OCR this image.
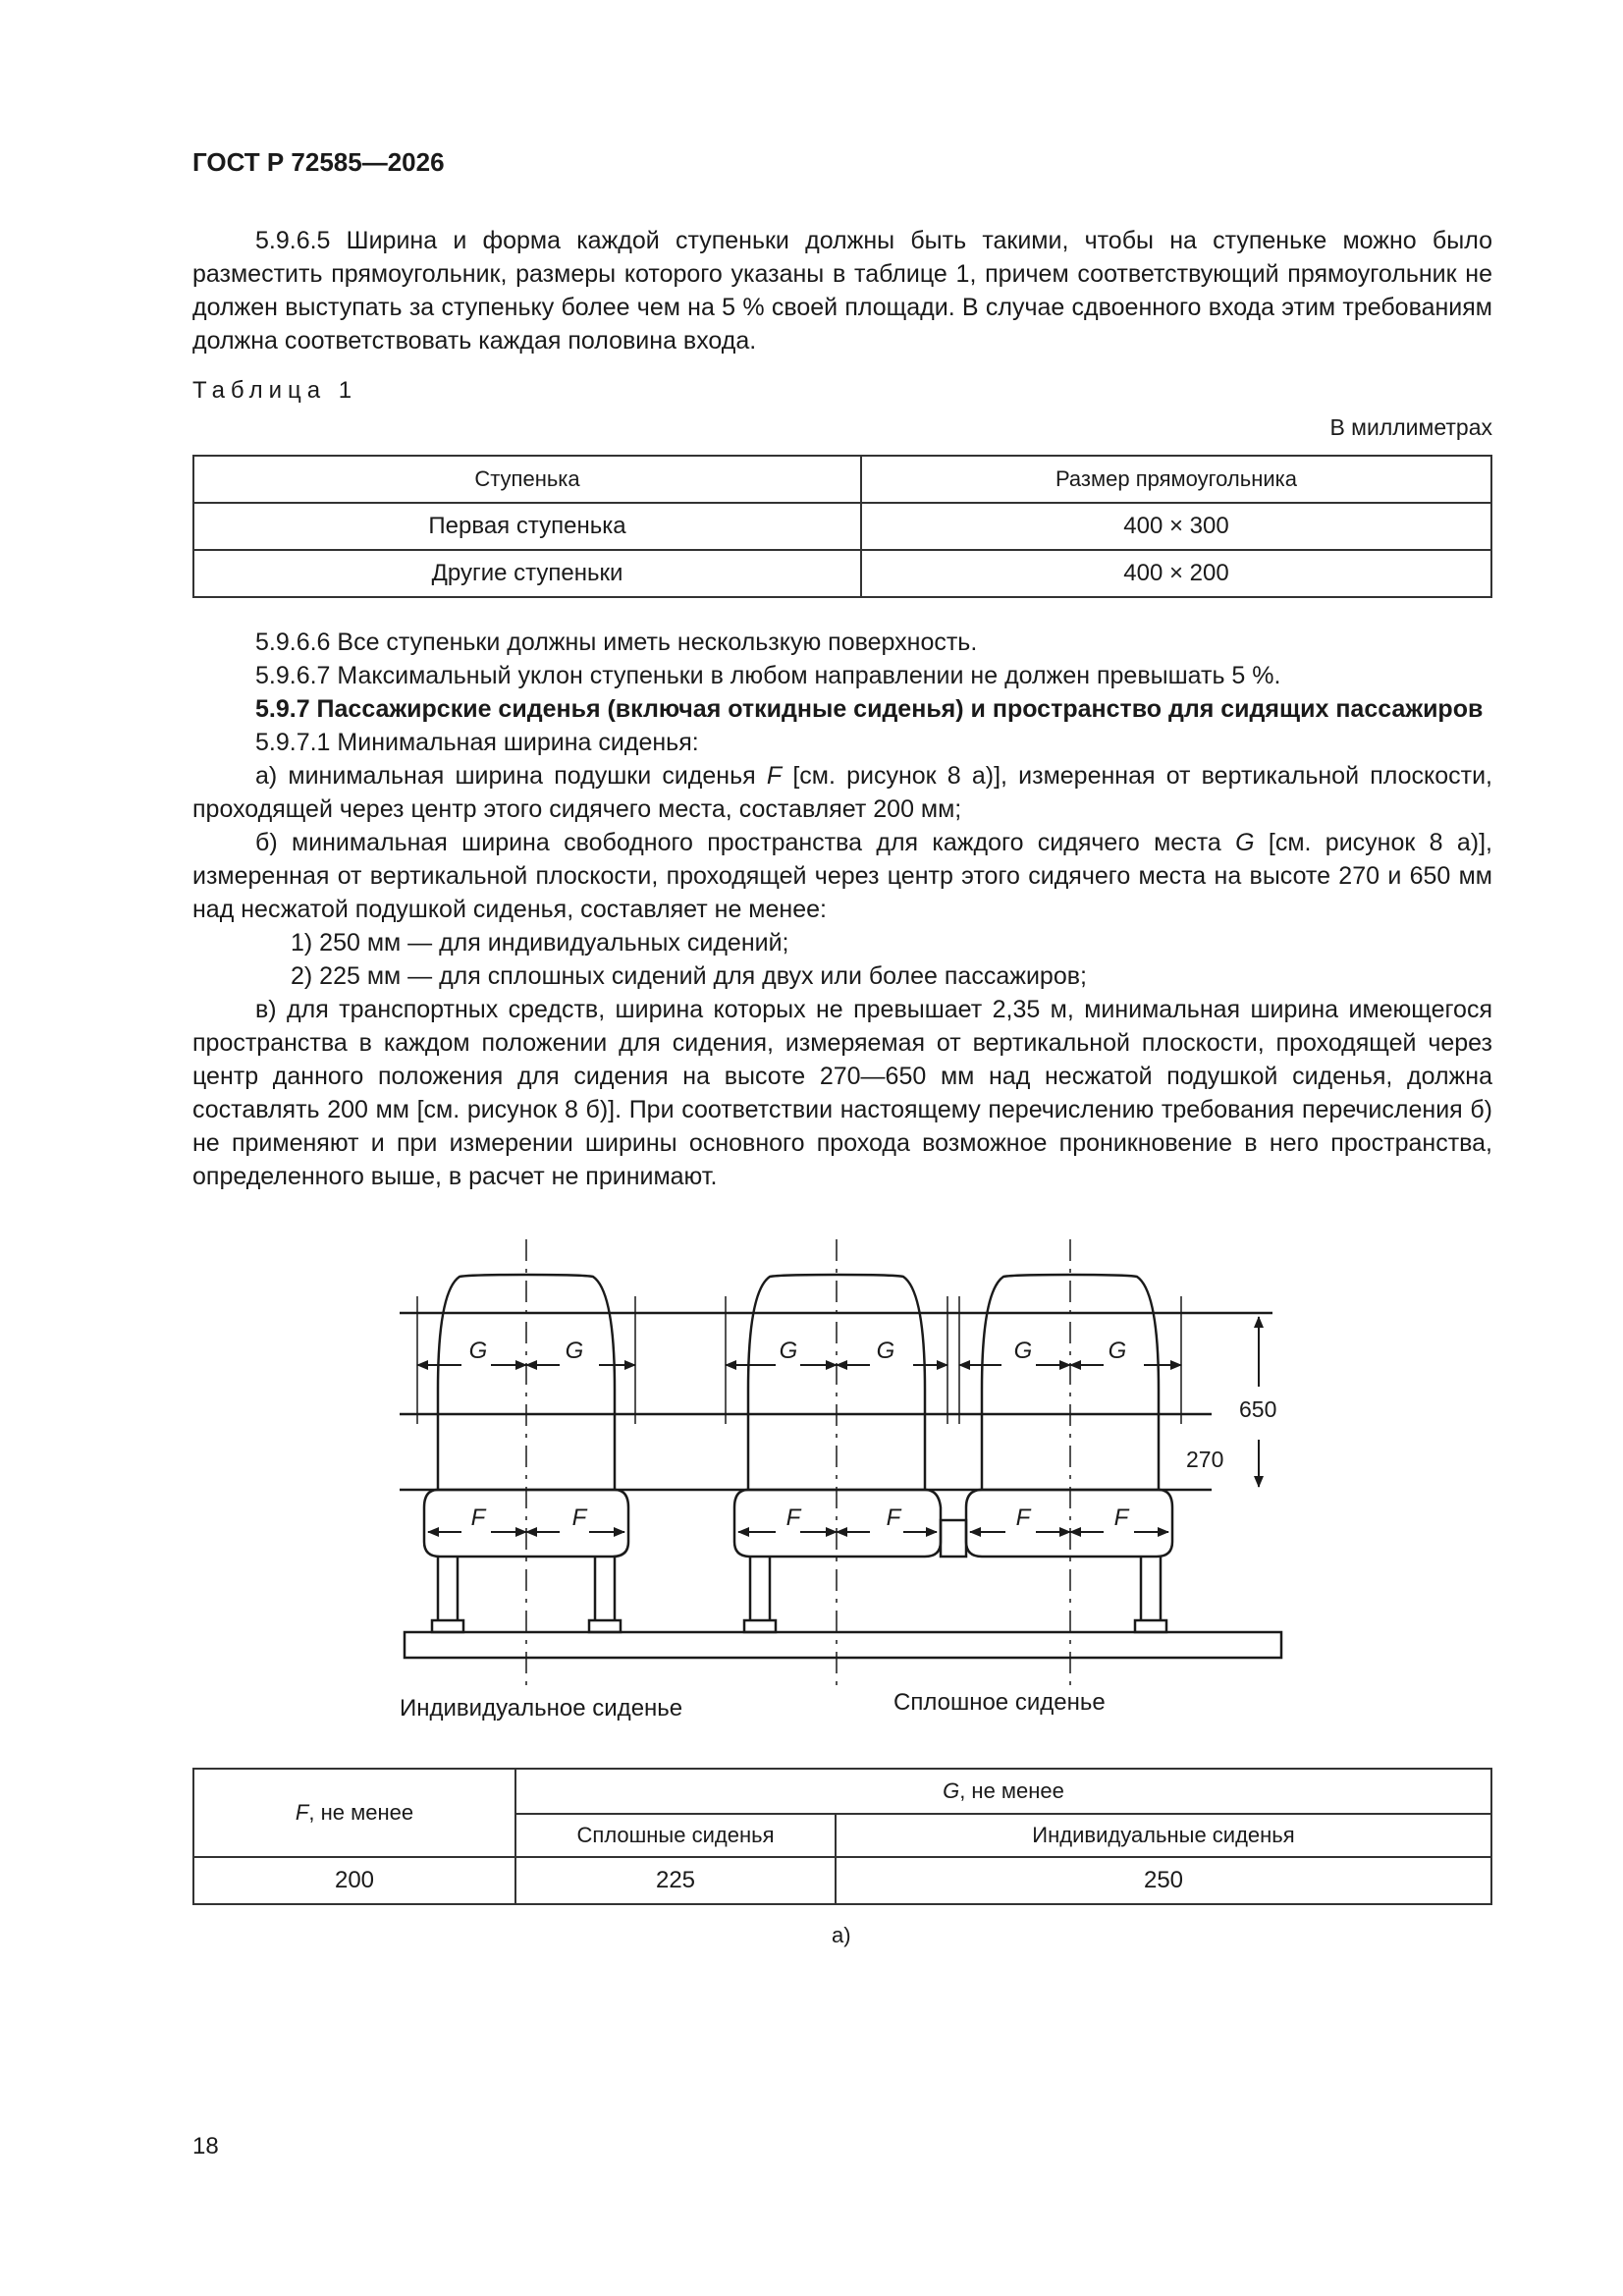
ГОСТ Р 72585—2026

5.9.6.5 Ширина и форма каждой ступеньки должны быть такими, чтобы на ступеньке можно было разместить прямоугольник, размеры которого указаны в таблице 1, причем соответствующий прямоугольник не должен выступать за ступеньку более чем на 5 % своей площади. В случае сдвоенного входа этим требованиям должна соответствовать каждая половина входа.

Таблица 1
В миллиметрах
Ступенька	Размер прямоугольника
Первая ступенька	400 × 300
Другие ступеньки	400 × 200

5.9.6.6 Все ступеньки должны иметь нескользкую поверхность.

5.9.6.7 Максимальный уклон ступеньки в любом направлении не должен превышать 5 %.

5.9.7 Пассажирские сиденья (включая откидные сиденья) и пространство для сидящих пассажиров

5.9.7.1 Минимальная ширина сиденья:

а) минимальная ширина подушки сиденья F [см. рисунок 8 а)], измеренная от вертикальной плоскости, проходящей через центр этого сидячего места, составляет 200 мм;

б) минимальная ширина свободного пространства для каждого сидячего места G [см. рисунок 8 а)], измеренная от вертикальной плоскости, проходящей через центр этого сидячего места на высоте 270 и 650 мм над несжатой подушкой сиденья, составляет не менее:

1) 250 мм — для индивидуальных сидений;

2) 225 мм — для сплошных сидений для двух или более пассажиров;

в) для транспортных средств, ширина которых не превышает 2,35 м, минимальная ширина имеющегося пространства в каждом положении для сидения, измеряемая от вертикальной плоскости, проходящей через центр данного положения для сидения на высоте 270—650 мм над несжатой подушкой сиденья, должна составлять 200 мм [см. рисунок 8 б)]. При соответствии настоящему перечислению требования перечисления б) не применяют и при измерении ширины основного прохода возможное проникновение в него пространства, определенного выше, в расчет не принимают.

G	G	G	G	G	G
F	F	F	F	F	F
650
270
Индивидуальное сиденье	Сплошное сиденье
F, не менее	G, не менее	
	Сплошные сиденья	Индивидуальные сиденья
200	225	250
а)
18
